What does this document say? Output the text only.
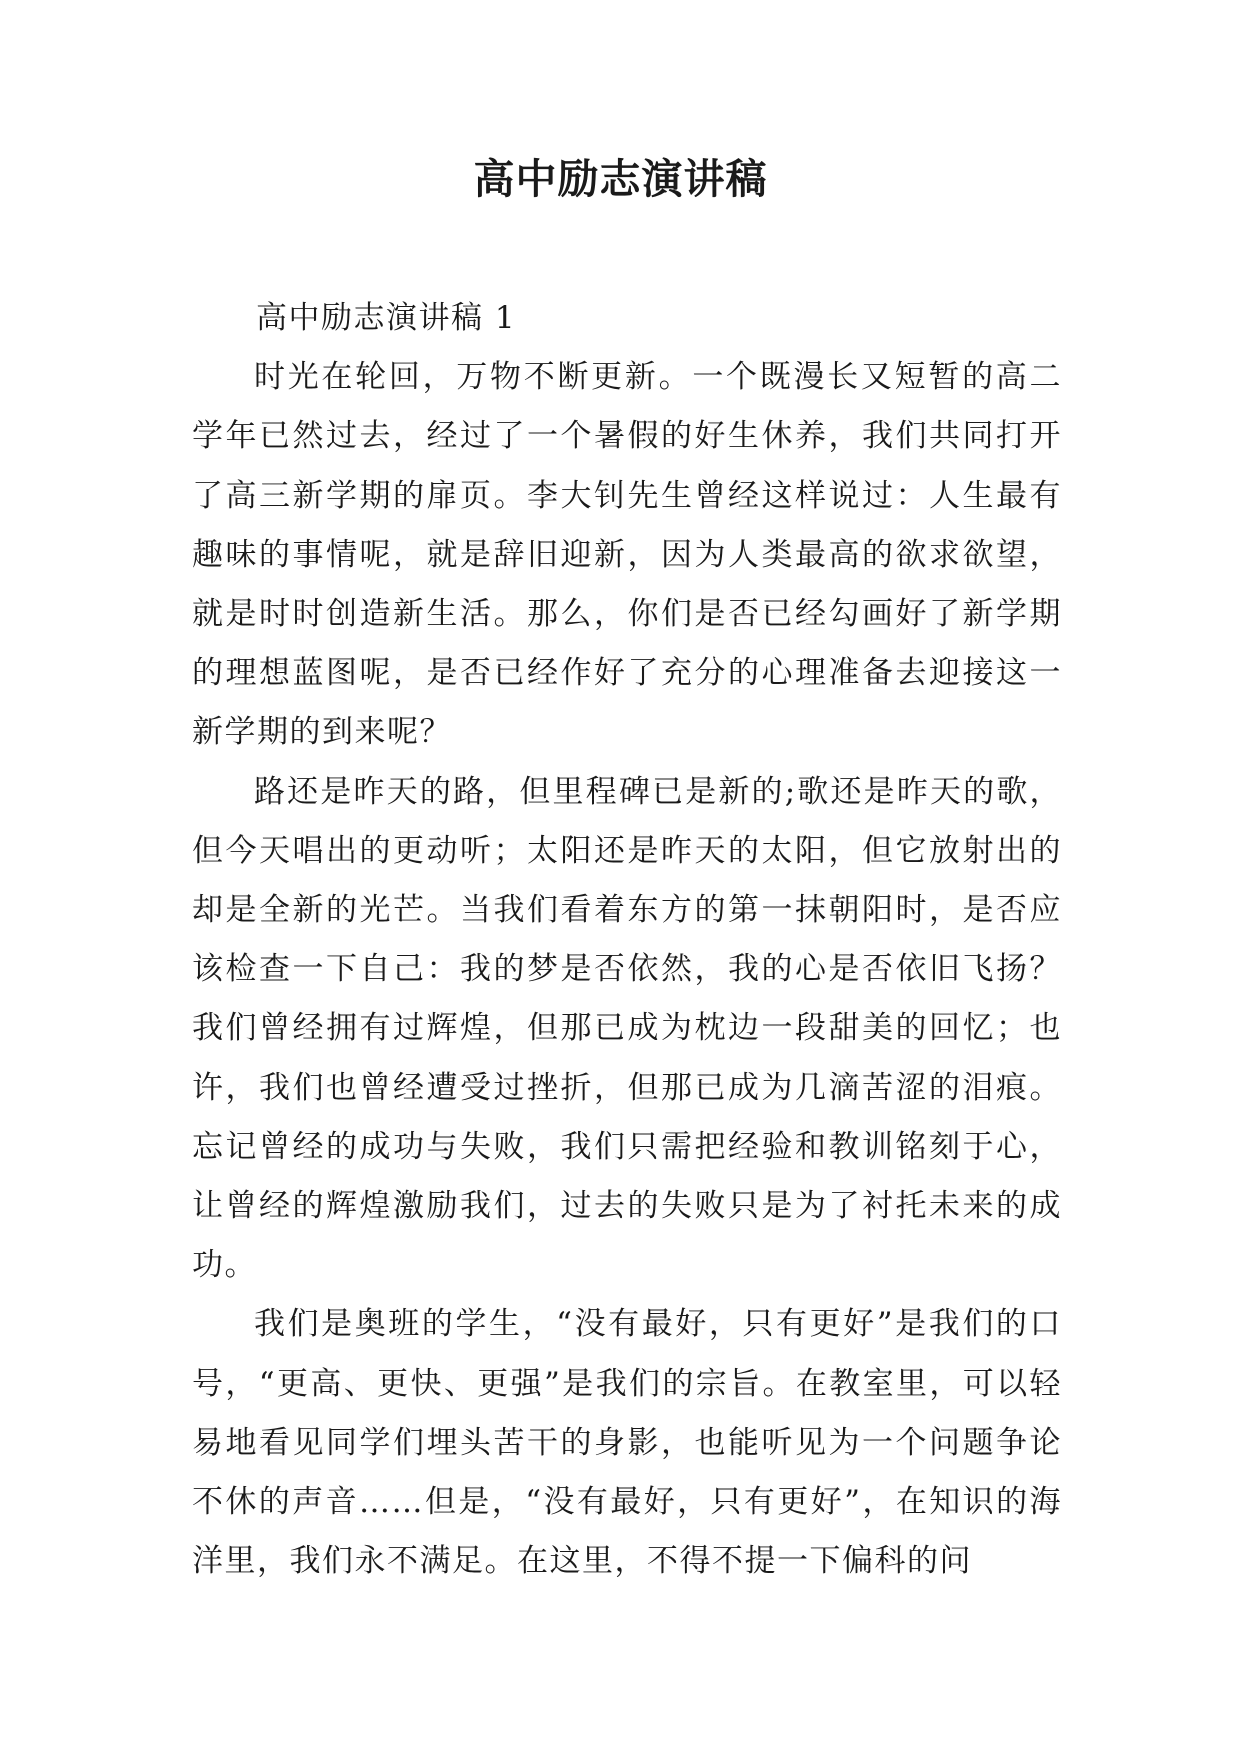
高中励志演讲稿
高中励志演讲稿 1

时光在轮回，万物不断更新。一个既漫长又短暂的高二学年已然过去，经过了一个暑假的好生休养，我们共同打开了高三新学期的扉页。李大钊先生曾经这样说过：人生最有趣味的事情呢，就是辞旧迎新，因为人类最高的欲求欲望，就是时时创造新生活。那么，你们是否已经勾画好了新学期的理想蓝图呢，是否已经作好了充分的心理准备去迎接这一新学期的到来呢？

路还是昨天的路，但里程碑已是新的;歌还是昨天的歌，但今天唱出的更动听；太阳还是昨天的太阳，但它放射出的却是全新的光芒。当我们看着东方的第一抹朝阳时，是否应该检查一下自己：我的梦是否依然，我的心是否依旧飞扬？我们曾经拥有过辉煌，但那已成为枕边一段甜美的回忆；也许，我们也曾经遭受过挫折，但那已成为几滴苦涩的泪痕。忘记曾经的成功与失败，我们只需把经验和教训铭刻于心，让曾经的辉煌激励我们，过去的失败只是为了衬托未来的成功。

我们是奥班的学生，“没有最好，只有更好”是我们的口号，“更高、更快、更强”是我们的宗旨。在教室里，可以轻易地看见同学们埋头苦干的身影，也能听见为一个问题争论不休的声音……但是，“没有最好，只有更好”，在知识的海洋里，我们永不满足。在这里，不得不提一下偏科的问
